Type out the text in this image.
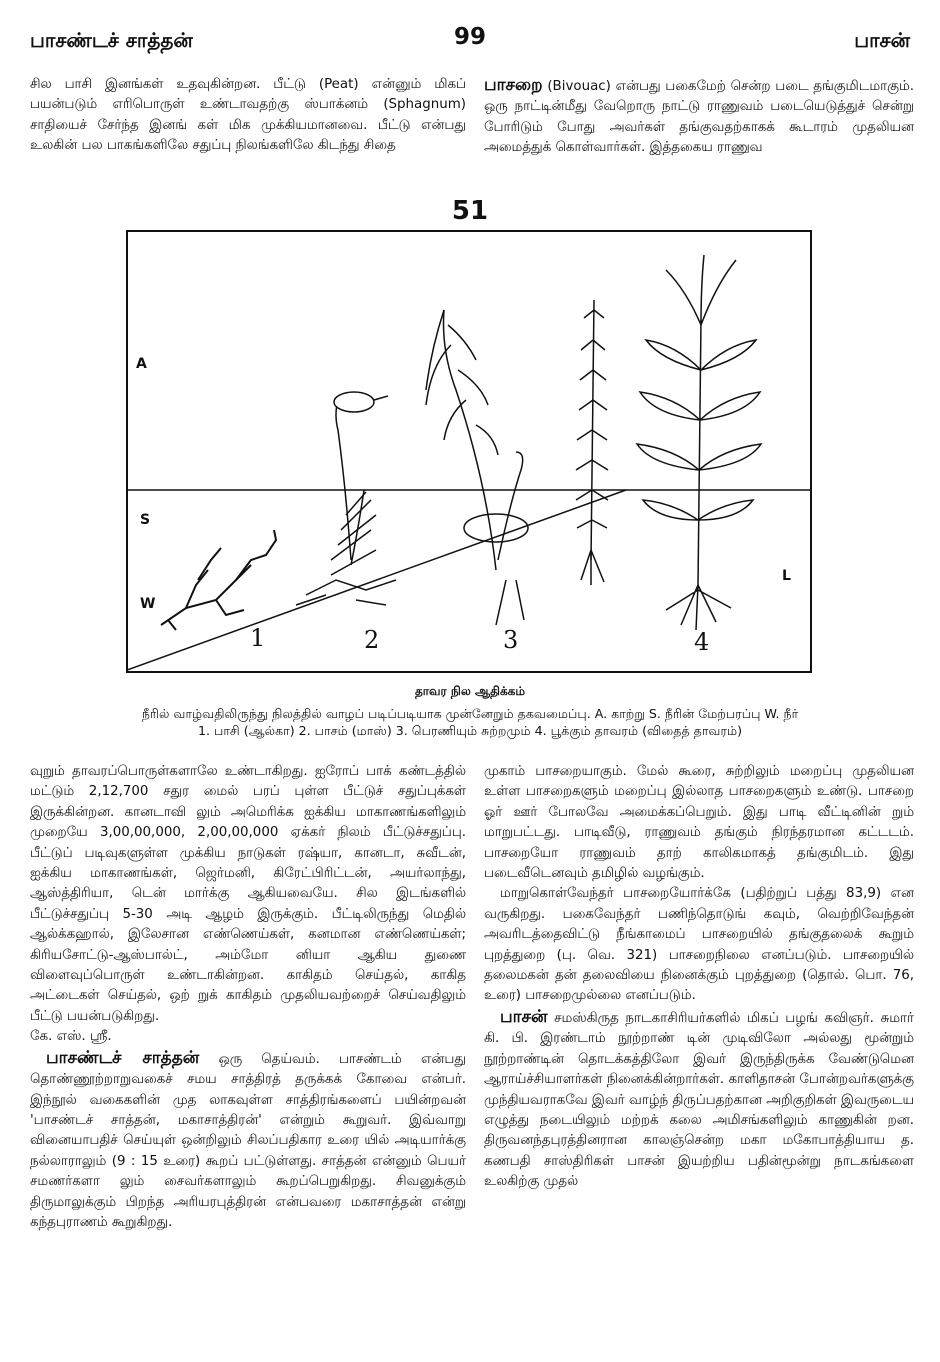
பாசண்டச் சாத்தன்	99	பாசன்

சில பாசி இனங்கள் உதவுகின்றன. பீட்டு (Peat) என்னும் மிகப் பயன்படும் எரிபொருள் உண்டாவதற்கு ஸ்பாக்னம் (Sphagnum) சாதியைச் சேர்ந்த இனங் கள் மிக முக்கியமானவை. பீட்டு என்பது உலகின் பல பாகங்களிலே சதுப்பு நிலங்களிலே கிடந்து சிதை

பாசறை (Bivouac) என்பது பகைமேற் சென்ற படை தங்குமிடமாகும். ஒரு நாட்டின்மீது வேறொரு நாட்டு ராணுவம் படையெடுத்துச் சென்று போரிடும் போது அவர்கள் தங்குவதற்காகக் கூடாரம் முதலியன அமைத்துக் கொள்வார்கள். இத்தகைய ராணுவ

51
A
S
W
L
1	2	3	4
தாவர நில ஆதிக்கம்
நீரில் வாழ்வதிலிருந்து நிலத்தில் வாழப் படிப்படியாக முன்னேறும் தகவமைப்பு. A. காற்று S. நீரின் மேற்பரப்பு W. நீர்
1. பாசி (ஆல்கா) 2. பாசம் (மாஸ்) 3. பெரணியும் சுற்றமும் 4. பூக்கும் தாவரம் (விதைத் தாவரம்)

வுறும் தாவரப்பொருள்களாலே உண்டாகிறது. ஐரோப் பாக் கண்டத்தில் மட்டும் 2,12,700 சதுர மைல் பரப் புள்ள பீட்டுச் சதுப்புக்கள் இருக்கின்றன. கானடாவி லும் அமெரிக்க ஐக்கிய மாகாணங்களிலும் முறையே 3,00,00,000, 2,00,00,000 ஏக்கர் நிலம் பீட்டுச்சதுப்பு. பீட்டுப் படிவுகளுள்ள முக்கிய நாடுகள் ரஷ்யா, கானடா, சுவீடன், ஐக்கிய மாகாணங்கள், ஜெர்மனி, கிரேட்பிரிட்டன், அயர்லாந்து, ஆஸ்த்திரியா, டென் மார்க்கு ஆகியவையே. சில இடங்களில் பீட்டுச்சதுப்பு 5-30 அடி ஆழம் இருக்கும். பீட்டிலிருந்து மெதில் ஆல்க்கஹால், இலேசான எண்ணெய்கள், கனமான எண்ணெய்கள்; கிரியசோட்டு-ஆஸ்பால்ட், அம்மோ னியா ஆகிய துணை விளைவுப்பொருள் உண்டாகின்றன. காகிதம் செய்தல், காகித அட்டைகள் செய்தல், ஒற் றுக் காகிதம் முதலியவற்றைச் செய்வதிலும் பீட்டு பயன்படுகிறது.

கே. எஸ். ஸ்ரீ.

பாசண்டச் சாத்தன் ஒரு தெய்வம். பாசண்டம் என்பது தொண்ணூற்றாறுவகைச் சமய சாத்திரத் தருக்கக் கோவை என்பர். இந்நூல் வகைகளின் முத லாகவுள்ள சாத்திரங்களைப் பயின்றவன் 'பாசண்டச் சாத்தன், மகாசாத்திரன்' என்றும் கூறுவர். இவ்வாறு வினையாபதிச் செய்யுள் ஒன்றிலும் சிலப்பதிகார உரை யில் அடியார்க்கு நல்லாராலும் (9 : 15 உரை) கூறப் பட்டுள்ளது. சாத்தன் என்னும் பெயர் சமணர்களா லும் சைவர்களாலும் கூறப்பெறுகிறது. சிவனுக்கும் திருமாலுக்கும் பிறந்த அரியரபுத்திரன் என்பவரை மகாசாத்தன் என்று கந்தபுராணம் கூறுகிறது.

முகாம் பாசறையாகும். மேல் கூரை, சுற்றிலும் மறைப்பு முதலியன உள்ள பாசறைகளும் மறைப்பு இல்லாத பாசறைகளும் உண்டு. பாசறை ஓர் ஊர் போலவே அமைக்கப்பெறும். இது பாடி வீட்டினின் றும் மாறுபட்டது. பாடிவீடு, ராணுவம் தங்கும் நிரந்தரமான கட்டடம். பாசறையோ ராணுவம் தாற் காலிகமாகத் தங்குமிடம். இது படைவீடெனவும் தமிழில் வழங்கும்.

மாறுகொள்வேந்தர் பாசறையோர்க்கே (பதிற்றுப் பத்து 83,9) என வருகிறது. பகைவேந்தர் பணிந்தொடுங் கவும், வெற்றிவேந்தன் அவரிடத்தைவிட்டு நீங்காமைப் பாசறையில் தங்குதலைக் கூறும் புறத்துறை (பு. வெ. 321) பாசறைநிலை எனப்படும். பாசறையில் தலைமகன் தன் தலைவியை நினைக்கும் புறத்துறை (தொல். பொ. 76, உரை) பாசறைமுல்லை எனப்படும்.

பாசன் சமஸ்கிருத நாடகாசிரியர்களில் மிகப் பழங் கவிஞர். சுமார் கி. பி. இரண்டாம் நூற்றாண் டின் முடிவிலோ அல்லது மூன்றும் நூற்றாண்டின் தொடக்கத்திலோ இவர் இருந்திருக்க வேண்டுமென ஆராய்ச்சியாளர்கள் நினைக்கின்றார்கள். காளிதாசன் போன்றவர்களுக்கு முந்தியவராகவே இவர் வாழ்ந் திருப்பதற்கான அறிகுறிகள் இவருடைய எழுத்து நடையிலும் மற்றக் கலை அமிசங்களிலும் காணுகின் றன. திருவனந்தபுரத்தினரான காலஞ்சென்ற மகா மகோபாத்தியாய த. கணபதி சாஸ்திரிகள் பாசன் இயற்றிய பதின்மூன்று நாடகங்களை உலகிற்கு முதல்
